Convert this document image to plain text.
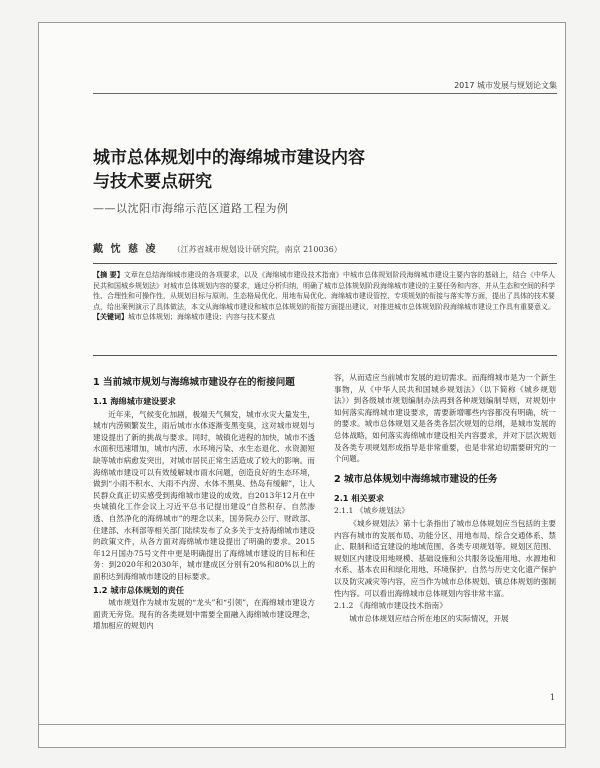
2017 城市发展与规划论文集
城市总体规划中的海绵城市建设内容
与技术要点研究
——以沈阳市海绵示范区道路工程为例
戴 忱 慈 凌 （江苏省城市规划设计研究院，南京 210036）
【摘 要】文章在总结海绵城市建设的各项要求，以及《海绵城市建设技术指南》中城市总体规划阶段海绵城市建设主要内容的基础上，结合《中华人民共和国城乡规划法》对城市总体规划内容的要求，通过分析归纳，明确了城市总体规划阶段海绵城市建设的主要任务和内容，并从生态和空间的科学性、合理性和可操作性，从规划目标与原则、生态格局优化、用地布局优化、海绵城市建设管控、专项规划的衔接与落实等方面，提出了具体的技术要点，给出案例演示了具体做法，本文从海绵城市建设和城市总体规划的衔接方面提出建议，对推进城市总体规划阶段海绵城市建设工作具有重要意义。
【关键词】城市总体规划；海绵城市建设；内容与技术要点
1 当前城市规划与海绵城市建设存在的衔接问题
1.1 海绵城市建设要求

近年来，气候变化加剧，极端天气频发，城市水灾大量发生，城市内涝频繁发生，雨后城市水体逐渐变黑变臭，这对城市规划与建设提出了新的挑战与要求。同时，城镇化进程的加快，城市不透水面积迅速增加，城市内涝、水环境污染、水生态退化、水资源短缺等城市病愈发突出，对城市居民正常生活造成了较大的影响。而海绵城市建设可以有效缓解城市雨水问题，创造良好的生态环境，做到“小雨不积水、大雨不内涝、水体不黑臭、热岛有缓解”，让人民群众真正切实感受到海绵城市建设的成效。自2013年12月在中央城镇化工作会议上习近平总书记提出建设“自然积存、自然渗透、自然净化的海绵城市”的理念以来，国务院办公厅、财政部、住建部、水利部等相关部门陆续发布了众多关于支持海绵城市建设的政策文件，从各方面对海绵城市建设提出了明确的要求。2015年12月国办75号文件中更是明确提出了海绵城市建设的目标和任务：到2020年和2030年，城市建成区分别有20%和80%以上的面积达到海绵城市建设的目标要求。

1.2 城市总体规划的责任

城市规划作为城市发展的“龙头”和“引领”，在海绵城市建设方面责无旁贷。现有的各类规划中需要全面融入海绵城市建设理念，增加相应的规划内

容，从而适应当前城市发展的迫切需求。而海绵城市是为一个新生事物，从《中华人民共和国城乡规划法》（以下简称《城乡规划法》）到各级城市规划编制办法再到各种规划编制导则，对规划中如何落实海绵城市建设要求，需要新增哪些内容都没有明确，统一的要求。城市总体规划又是各类各层次规划的总纲，是城市发展的总体战略，如何落实海绵城市建设相关内容要求，并对下层次规划及各类专项规划形成指导是非常重要，也是非常迫切需要研究的一个问题。

2 城市总体规划中海绵城市建设的任务
2.1 相关要求
2.1.1 《城乡规划法》

《城乡规划法》第十七条指出了城市总体规划应当包括的主要内容有城市的发展布局、功能分区、用地布局、综合交通体系、禁止、限制和适宜建设的地域范围、各类专项规划等。规划区范围、规划区内建设用地规模、基础设施和公共服务设施用地、水源地和水系、基本农田和绿化用地、环境保护、自然与历史文化遗产保护以及防灾减灾等内容，应当作为城市总体规划、镇总体规划的强制性内容。可以看出海绵城市总体规划内容非常丰富。

2.1.2 《海绵城市建设技术指南》

城市总体规划应结合所在地区的实际情况，开展

1
